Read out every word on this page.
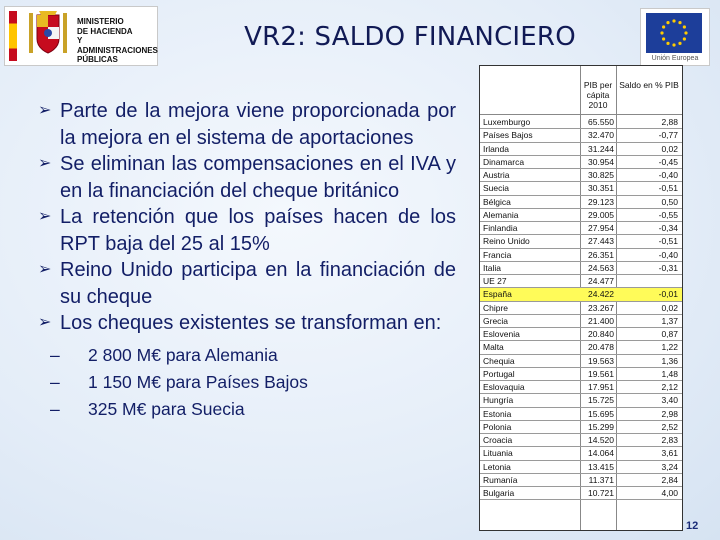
MINISTERIO
DE HACIENDA
Y ADMINISTRACIONES
PÚBLICAS
VR2: SALDO FINANCIERO
Unión Europea
➢ Parte de la mejora viene proporcionada por la mejora en el sistema de aportaciones
➢ Se eliminan las compensaciones en el IVA y en la financiación del cheque británico
➢ La retención que los países hacen de los RPT baja del 25 al 15%
➢ Reino Unido participa en la financiación de su cheque
➢ Los cheques existentes se transforman en:
– 2 800 M€ para Alemania
– 1 150 M€ para Países Bajos
– 325 M€ para Suecia
PIB per cápita 2010
Saldo en % PIB
Luxemburgo	65.550	2,88
Países Bajos	32.470	-0,77
Irlanda	31.244	0,02
Dinamarca	30.954	-0,45
Austria	30.825	-0,40
Suecia	30.351	-0,51
Bélgica	29.123	0,50
Alemania	29.005	-0,55
Finlandia	27.954	-0,34
Reino Unido	27.443	-0,51
Francia	26.351	-0,40
Italia	24.563	-0,31
UE 27	24.477
España	24.422	-0,01
Chipre	23.267	0,02
Grecia	21.400	1,37
Eslovenia	20.840	0,87
Malta	20.478	1,22
Chequia	19.563	1,36
Portugal	19.561	1,48
Eslovaquia	17.951	2,12
Hungría	15.725	3,40
Estonia	15.695	2,98
Polonia	15.299	2,52
Croacia	14.520	2,83
Lituania	14.064	3,61
Letonia	13.415	3,24
Rumanía	11.371	2,84
Bulgaria	10.721	4,00
12
